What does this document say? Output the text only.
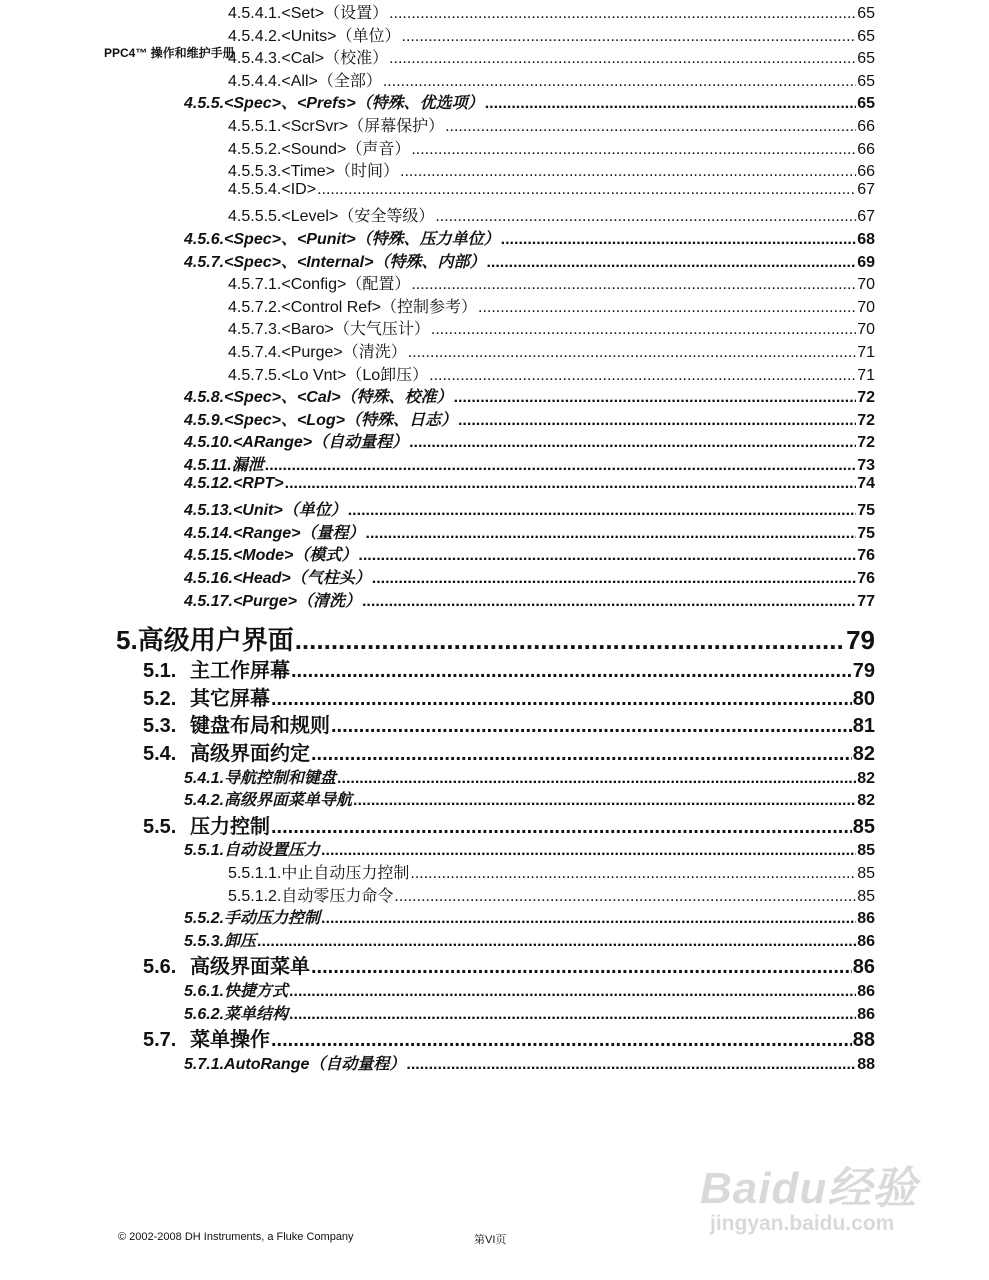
PPC4™ 操作和维护手册
4.5.4.1. <Set>（设置） .....	65
4.5.4.2. <Units>（单位） .....	65
4.5.4.3. <Cal>（校准） .....	65
4.5.4.4. <All>（全部） .....	65
4.5.5. <Spec>、<Prefs>（特殊、优选项） .....	65
4.5.5.1. <ScrSvr>（屏幕保护） .....	66
4.5.5.2. <Sound>（声音） .....	66
4.5.5.3. <Time>（时间） .....	66
4.5.5.4. <ID> .....	67
4.5.5.5. <Level>（安全等级） .....	67
4.5.6. <Spec>、<Punit>（特殊、压力单位） .....	68
4.5.7. <Spec>、<Internal>（特殊、内部） .....	69
4.5.7.1. <Config>（配置） .....	70
4.5.7.2. <Control Ref>（控制参考） .....	70
4.5.7.3. <Baro>（大气压计） .....	70
4.5.7.4. <Purge>（清洗） .....	71
4.5.7.5. <Lo Vnt>（Lo卸压） .....	71
4.5.8. <Spec>、<Cal>（特殊、校准） .....	72
4.5.9. <Spec>、<Log>（特殊、日志） .....	72
4.5.10. <ARange>（自动量程） .....	72
4.5.11. 漏泄 .....	73
4.5.12. <RPT> .....	74
4.5.13. <Unit>（单位） .....	75
4.5.14. <Range>（量程） .....	75
4.5.15. <Mode>（模式） .....	76
4.5.16. <Head>（气柱头） .....	76
4.5.17. <Purge>（清洗） .....	77
5. 高级用户界面 .....	79
5.1. 主工作屏幕 .....	79
5.2. 其它屏幕 .....	80
5.3. 键盘布局和规则 .....	81
5.4. 高级界面约定 .....	82
5.4.1. 导航控制和键盘 .....	82
5.4.2. 高级界面菜单导航 .....	82
5.5. 压力控制 .....	85
5.5.1. 自动设置压力 .....	85
5.5.1.1. 中止自动压力控制 .....	85
5.5.1.2. 自动零压力命令 .....	85
5.5.2. 手动压力控制 .....	86
5.5.3. 卸压 .....	86
5.6. 高级界面菜单 .....	86
5.6.1. 快捷方式 .....	86
5.6.2. 菜单结构 .....	86
5.7. 菜单操作 .....	88
5.7.1. AutoRange（自动量程） .....	88
© 2002-2008 DH Instruments, a Fluke Company	第VI页
Baidu经验
jingyan.baidu.com
